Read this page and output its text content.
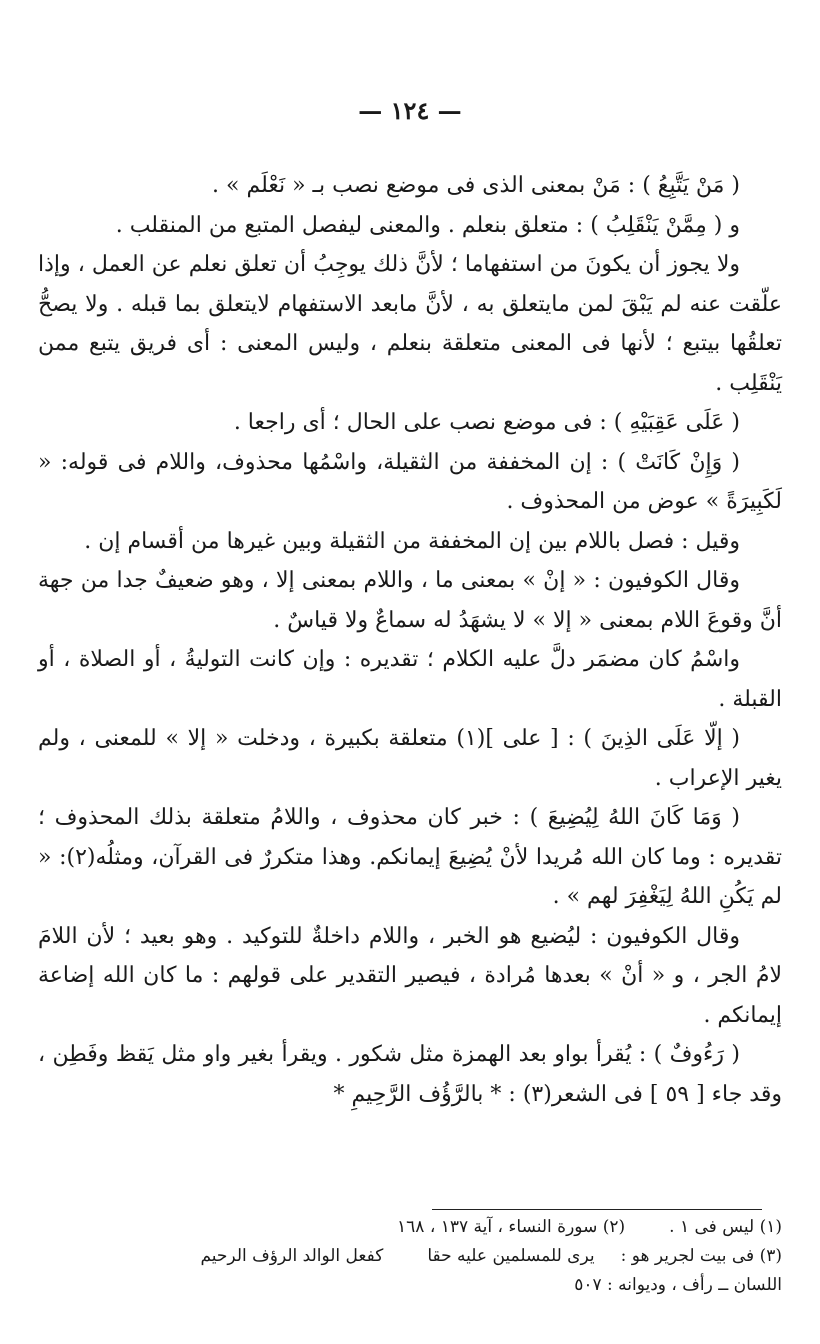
— ١٢٤ —

( مَنْ يَتَّبِعُ ) : مَنْ بمعنى الذى فى موضع نصب بـ « نَعْلَم » .

و ( مِمَّنْ يَنْقَلِبُ ) : متعلق بنعلم . والمعنى ليفصل المتبع من المنقلب .

ولا يجوز أن يكونَ من استفهاما ؛ لأنَّ ذلك يوجِبُ أن تعلق نعلم عن العمل ، وإذا علّقت عنه لم يَبْقَ لمن مايتعلق به ، لأنَّ مابعد الاستفهام لايتعلق بما قبله . ولا يصحُّ تعلقُها بيتبع ؛ لأنها فى المعنى متعلقة بنعلم ، وليس المعنى : أى فريق يتبع ممن يَنْقَلِب .

( عَلَى عَقِبَيْهِ ) : فى موضع نصب على الحال ؛ أى راجعا .

( وَإِنْ كَانَتْ ) : إن المخففة من الثقيلة، واسْمُها محذوف، واللام فى قوله: « لَكَبِيرَةً » عوض من المحذوف .

وقيل : فصل باللام بين إن المخففة من الثقيلة وبين غيرها من أقسام إن .

وقال الكوفيون : « إنْ » بمعنى ما ، واللام بمعنى إلا ، وهو ضعيفٌ جدا من جهة أنَّ وقوعَ اللام بمعنى « إلا » لا يشهَدُ له سماعٌ ولا قياسٌ .

واسْمُ كان مضمَر دلَّ عليه الكلام ؛ تقديره : وإن كانت التوليةُ ، أو الصلاة ، أو القبلة .

( إلّا عَلَى الذِينَ ) : [ على ](١) متعلقة بكبيرة ، ودخلت « إلا » للمعنى ، ولم يغير الإعراب .

( وَمَا كَانَ اللهُ لِيُضِيعَ ) : خبر كان محذوف ، واللامُ متعلقة بذلك المحذوف ؛ تقديره : وما كان الله مُريدا لأنْ يُضِيعَ إيمانكم. وهذا متكررٌ فى القرآن، ومثلُه(٢): « لم يَكُنِ اللهُ لِيَغْفِرَ لهم » .

وقال الكوفيون : ليُضيع هو الخبر ، واللام داخلةٌ للتوكيد . وهو بعيد ؛ لأن اللامَ لامُ الجر ، و « أنْ » بعدها مُرادة ، فيصير التقدير على قولهم : ما كان الله إضاعة إيمانكم .

( رَءُوفٌ ) : يُقرأ بواو بعد الهمزة مثل شكور . ويقرأ بغير واو مثل يَقظ وفَطِن ، وقد جاء [ ٥٩ ] فى الشعر(٣) : * بالرَّؤُف الرَّحِيمِ *

(١) ليس فى ١ .(٢) سورة النساء ، آية ١٣٧ ، ١٦٨

(٣) فى بيت لجرير هو :يرى للمسلمين عليه حقاكفعل الوالد الرؤف الرحيم

اللسان ــ رأف ، وديوانه : ٥٠٧
